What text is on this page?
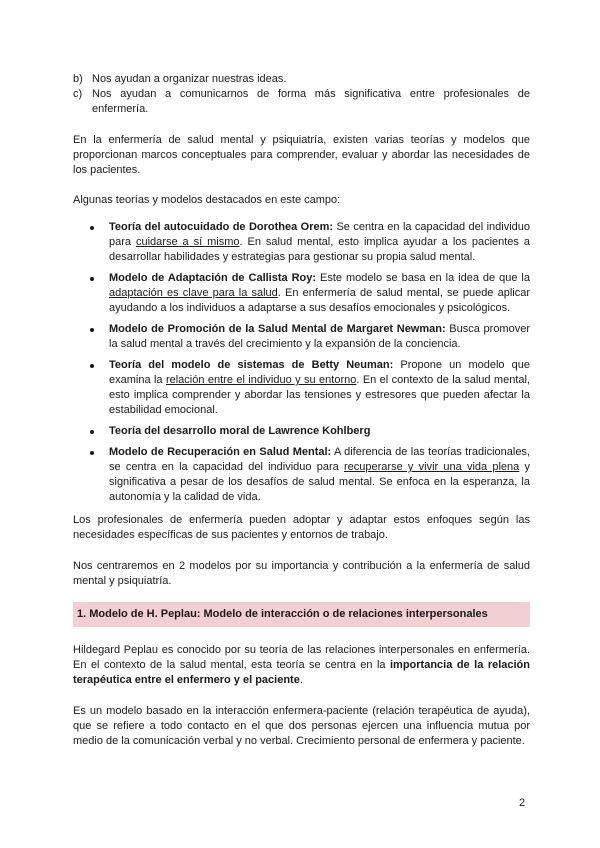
b) Nos ayudan a organizar nuestras ideas.
c) Nos ayudan a comunicarnos de forma más significativa entre profesionales de enfermería.

En la enfermería de salud mental y psiquiatría, existen varias teorías y modelos que proporcionan marcos conceptuales para comprender, evaluar y abordar las necesidades de los pacientes.

Algunas teorías y modelos destacados en este campo:

Teoría del autocuidado de Dorothea Orem: Se centra en la capacidad del individuo para cuidarse a sí mismo. En salud mental, esto implica ayudar a los pacientes a desarrollar habilidades y estrategias para gestionar su propia salud mental.
Modelo de Adaptación de Callista Roy: Este modelo se basa en la idea de que la adaptación es clave para la salud. En enfermería de salud mental, se puede aplicar ayudando a los individuos a adaptarse a sus desafíos emocionales y psicológicos.
Modelo de Promoción de la Salud Mental de Margaret Newman: Busca promover la salud mental a través del crecimiento y la expansión de la conciencia.
Teoría del modelo de sistemas de Betty Neuman: Propone un modelo que examina la relación entre el individuo y su entorno. En el contexto de la salud mental, esto implica comprender y abordar las tensiones y estresores que pueden afectar la estabilidad emocional.
Teoría del desarrollo moral de Lawrence Kohlberg
Modelo de Recuperación en Salud Mental: A diferencia de las teorías tradicionales, se centra en la capacidad del individuo para recuperarse y vivir una vida plena y significativa a pesar de los desafíos de salud mental. Se enfoca en la esperanza, la autonomía y la calidad de vida.

Los profesionales de enfermería pueden adoptar y adaptar estos enfoques según las necesidades específicas de sus pacientes y entornos de trabajo.

Nos centraremos en 2 modelos por su importancia y contribución a la enfermería de salud mental y psiquiatría.

1. Modelo de H. Peplau: Modelo de interacción o de relaciones interpersonales

Hildegard Peplau es conocido por su teoría de las relaciones interpersonales en enfermería. En el contexto de la salud mental, esta teoría se centra en la importancia de la relación terapéutica entre el enfermero y el paciente.

Es un modelo basado en la interacción enfermera-paciente (relación terapéutica de ayuda), que se refiere a todo contacto en el que dos personas ejercen una influencia mutua por medio de la comunicación verbal y no verbal. Crecimiento personal de enfermera y paciente.

2
